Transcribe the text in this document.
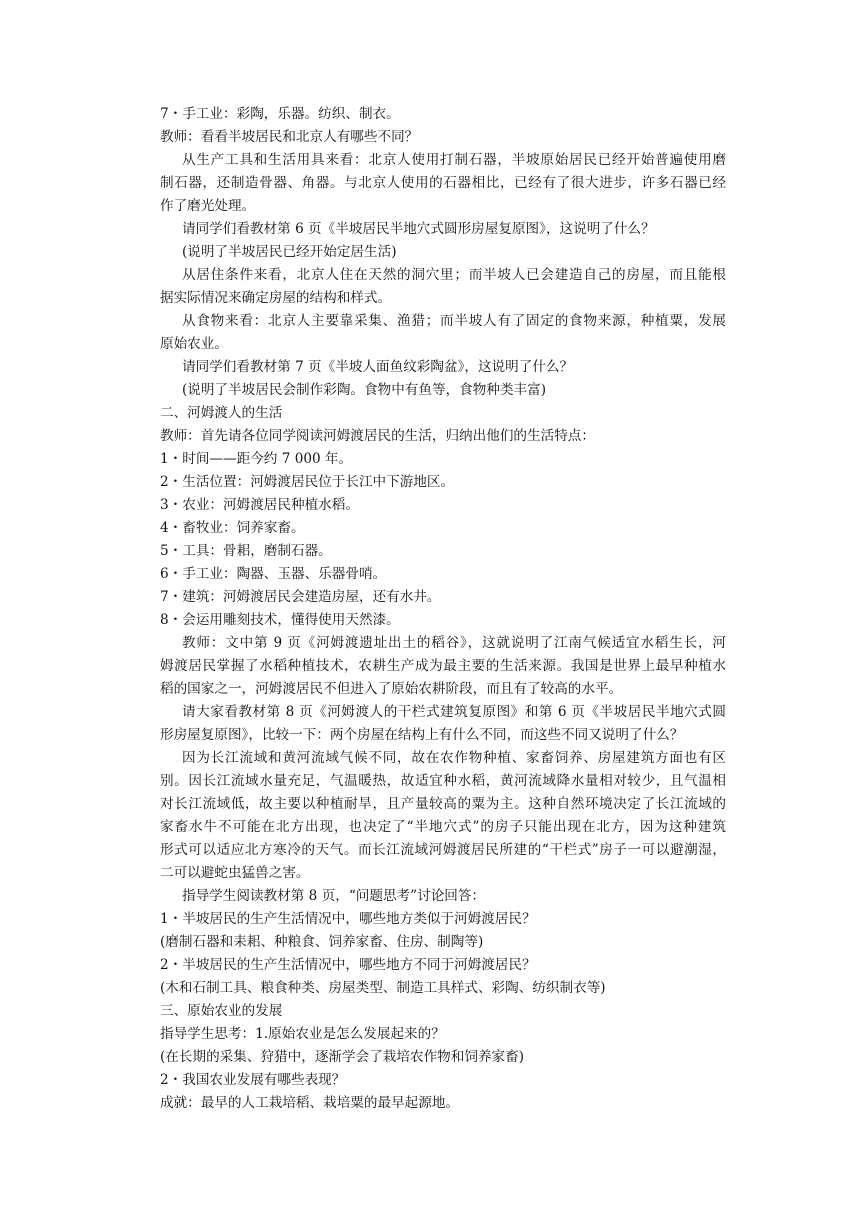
7・手工业：彩陶，乐器。纺织、制衣。
教师：看看半坡居民和北京人有哪些不同？
从生产工具和生活用具来看：北京人使用打制石器，半坡原始居民已经开始普遍使用磨
制石器，还制造骨器、角器。与北京人使用的石器相比，已经有了很大进步，许多石器已经
作了磨光处理。
请同学们看教材第 6 页《半坡居民半地穴式圆形房屋复原图》，这说明了什么？
(说明了半坡居民已经开始定居生活)
从居住条件来看，北京人住在天然的洞穴里；而半坡人已会建造自己的房屋，而且能根
据实际情况来确定房屋的结构和样式。
从食物来看：北京人主要靠采集、渔猎；而半坡人有了固定的食物来源，种植粟，发展
原始农业。
请同学们看教材第 7 页《半坡人面鱼纹彩陶盆》，这说明了什么？
(说明了半坡居民会制作彩陶。食物中有鱼等，食物种类丰富)
二、河姆渡人的生活
教师：首先请各位同学阅读河姆渡居民的生活，归纳出他们的生活特点：
1・时间——距今约 7 000 年。
2・生活位置：河姆渡居民位于长江中下游地区。
3・农业：河姆渡居民种植水稻。
4・畜牧业：饲养家畜。
5・工具：骨耜，磨制石器。
6・手工业：陶器、玉器、乐器骨哨。
7・建筑：河姆渡居民会建造房屋，还有水井。
8・会运用雕刻技术，懂得使用天然漆。
教师：文中第 9 页《河姆渡遗址出土的稻谷》，这就说明了江南气候适宜水稻生长，河
姆渡居民掌握了水稻种植技术，农耕生产成为最主要的生活来源。我国是世界上最早种植水
稻的国家之一，河姆渡居民不但进入了原始农耕阶段，而且有了较高的水平。
请大家看教材第 8 页《河姆渡人的干栏式建筑复原图》和第 6 页《半坡居民半地穴式圆
形房屋复原图》，比较一下：两个房屋在结构上有什么不同，而这些不同又说明了什么？
因为长江流域和黄河流域气候不同，故在农作物种植、家畜饲养、房屋建筑方面也有区
别。因长江流域水量充足，气温暖热，故适宜种水稻，黄河流域降水量相对较少，且气温相
对长江流域低，故主要以种植耐旱，且产量较高的粟为主。这种自然环境决定了长江流域的
家畜水牛不可能在北方出现，也决定了“半地穴式”的房子只能出现在北方，因为这种建筑
形式可以适应北方寒冷的天气。而长江流域河姆渡居民所建的“干栏式”房子一可以避潮湿，
二可以避蛇虫猛兽之害。
指导学生阅读教材第 8 页，“问题思考”讨论回答：
1・半坡居民的生产生活情况中，哪些地方类似于河姆渡居民？
(磨制石器和耒耜、种粮食、饲养家畜、住房、制陶等)
2・半坡居民的生产生活情况中，哪些地方不同于河姆渡居民？
(木和石制工具、粮食种类、房屋类型、制造工具样式、彩陶、纺织制衣等)
三、原始农业的发展
指导学生思考：1.原始农业是怎么发展起来的？
(在长期的采集、狩猎中，逐渐学会了栽培农作物和饲养家畜)
2・我国农业发展有哪些表现？
成就：最早的人工栽培稻、栽培粟的最早起源地。
